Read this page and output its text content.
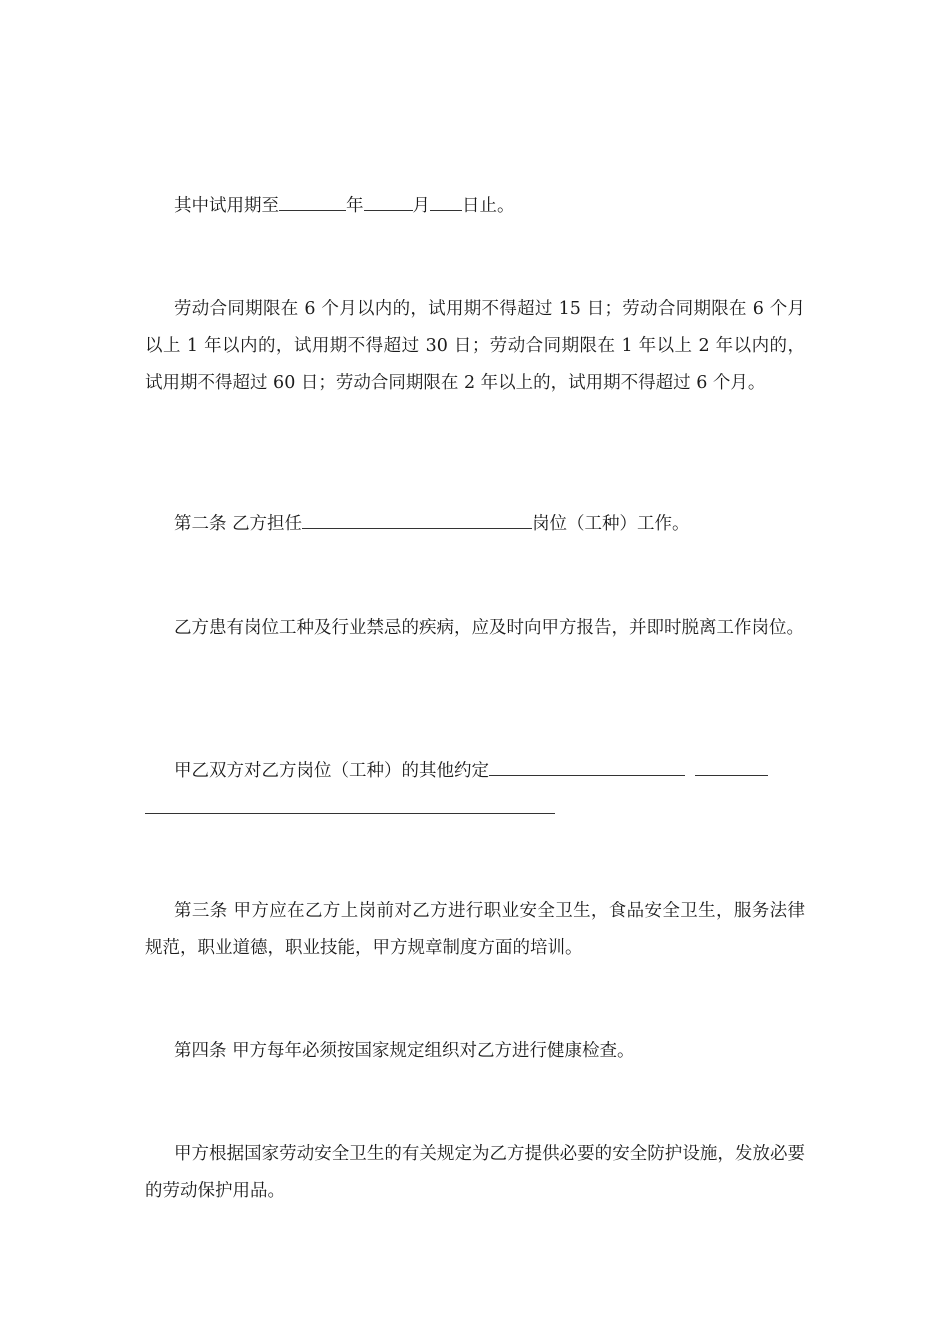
其中试用期至	年	月 日止。

劳动合同期限在 6 个月以内的，试用期不得超过 15 日；劳动合同期限在 6 个月以上 1 年以内的，试用期不得超过 30 日；劳动合同期限在 1 年以上 2 年以内的，试用期不得超过 60 日；劳动合同期限在 2 年以上的，试用期不得超过 6 个月。

第二条 乙方担任	岗位（工种）工作。

乙方患有岗位工种及行业禁忌的疾病，应及时向甲方报告，并即时脱离工作岗位。

甲乙双方对乙方岗位（工种）的其他约定

第三条 甲方应在乙方上岗前对乙方进行职业安全卫生，食品安全卫生，服务法律规范，职业道德，职业技能，甲方规章制度方面的培训。

第四条 甲方每年必须按国家规定组织对乙方进行健康检查。

甲方根据国家劳动安全卫生的有关规定为乙方提供必要的安全防护设施，发放必要的劳动保护用品。
